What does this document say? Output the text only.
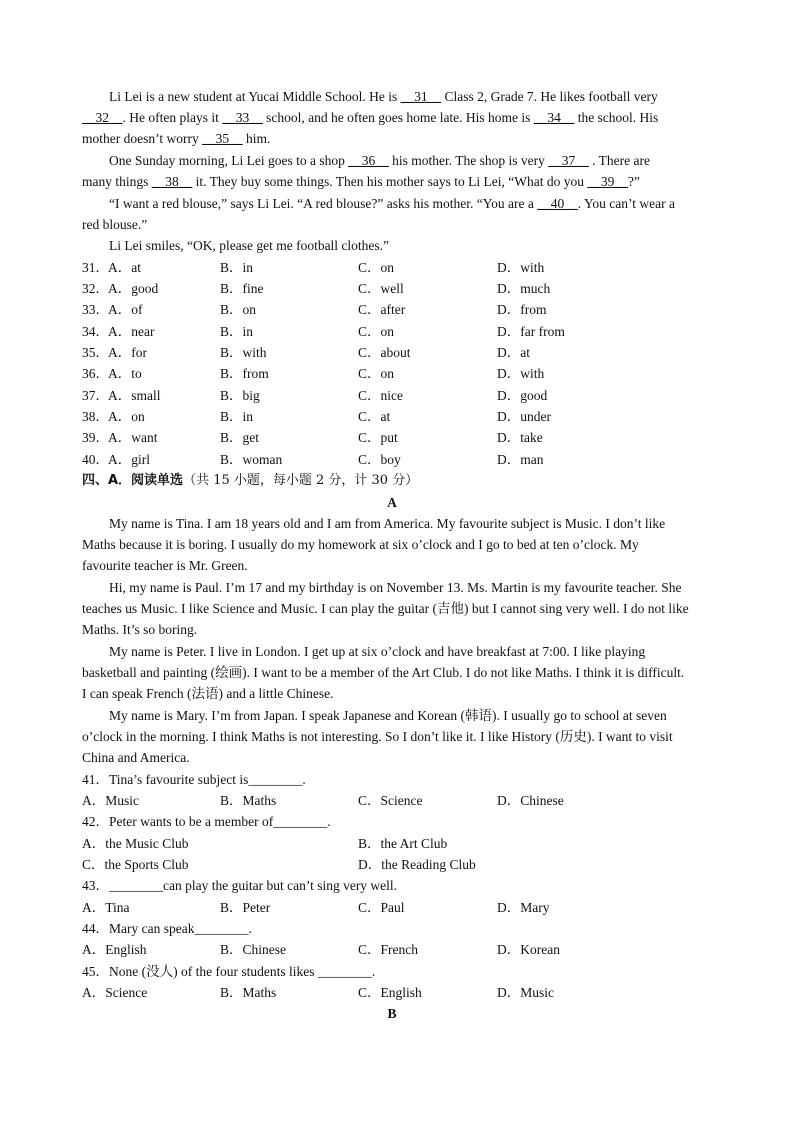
Li Lei is a new student at Yucai Middle School. He is __31__ Class 2, Grade 7. He likes football very
__32__. He often plays it __33__ school, and he often goes home late. His home is __34__ the school. His
mother doesn’t worry __35__ him.
One Sunday morning, Li Lei goes to a shop __36__ his mother. The shop is very __37__ . There are
many things __38__ it. They buy some things. Then his mother says to Li Lei, “What do you __39__?”
“I want a red blouse,” says Li Lei. “A red blouse?” asks his mother. “You are a __40__. You can’t wear a
red blouse.”
Li Lei smiles, “OK, please get me football clothes.”
31． A．at	B．in	C．on	D．with
32． A．good	B．fine	C．well	D．much
33． A．of	B．on	C．after	D．from
34． A．near	B．in	C．on	D．far from
35． A．for	B．with	C．about	D．at
36． A．to	B．from	C．on	D．with
37． A．small	B．big	C．nice	D．good
38． A．on	B．in	C．at	D．under
39． A．want	B．get	C．put	D．take
40． A．girl	B．woman	C．boy	D．man
四、A．阅读单选（共 15 小题，每小题 2 分，计 30 分）
A
My name is Tina. I am 18 years old and I am from America. My favourite subject is Music. I don’t like
Maths because it is boring. I usually do my homework at six o’clock and I go to bed at ten o’clock. My
favourite teacher is Mr. Green.
Hi, my name is Paul. I’m 17 and my birthday is on November 13. Ms. Martin is my favourite teacher. She
teaches us Music. I like Science and Music. I can play the guitar (吉他) but I cannot sing very well. I do not like
Maths. It’s so boring.
My name is Peter. I live in London. I get up at six o’clock and have breakfast at 7:00. I like playing
basketball and painting (绘画). I want to be a member of the Art Club. I do not like Maths. I think it is difficult.
I can speak French (法语) and a little Chinese.
My name is Mary. I’m from Japan. I speak Japanese and Korean (韩语). I usually go to school at seven
o’clock in the morning. I think Maths is not interesting. So I don’t like it. I like History (历史). I want to visit
China and America.
41．Tina’s favourite subject is________.
A．Music	B．Maths	C．Science	D．Chinese
42．Peter wants to be a member of________.
A．the Music Club	B．the Art Club
C．the Sports Club	D．the Reading Club
43．________can play the guitar but can’t sing very well.
A．Tina	B．Peter	C．Paul	D．Mary
44．Mary can speak________.
A．English	B．Chinese	C．French	D．Korean
45．None (没人) of the four students likes ________.
A．Science	B．Maths	C．English	D．Music
B
